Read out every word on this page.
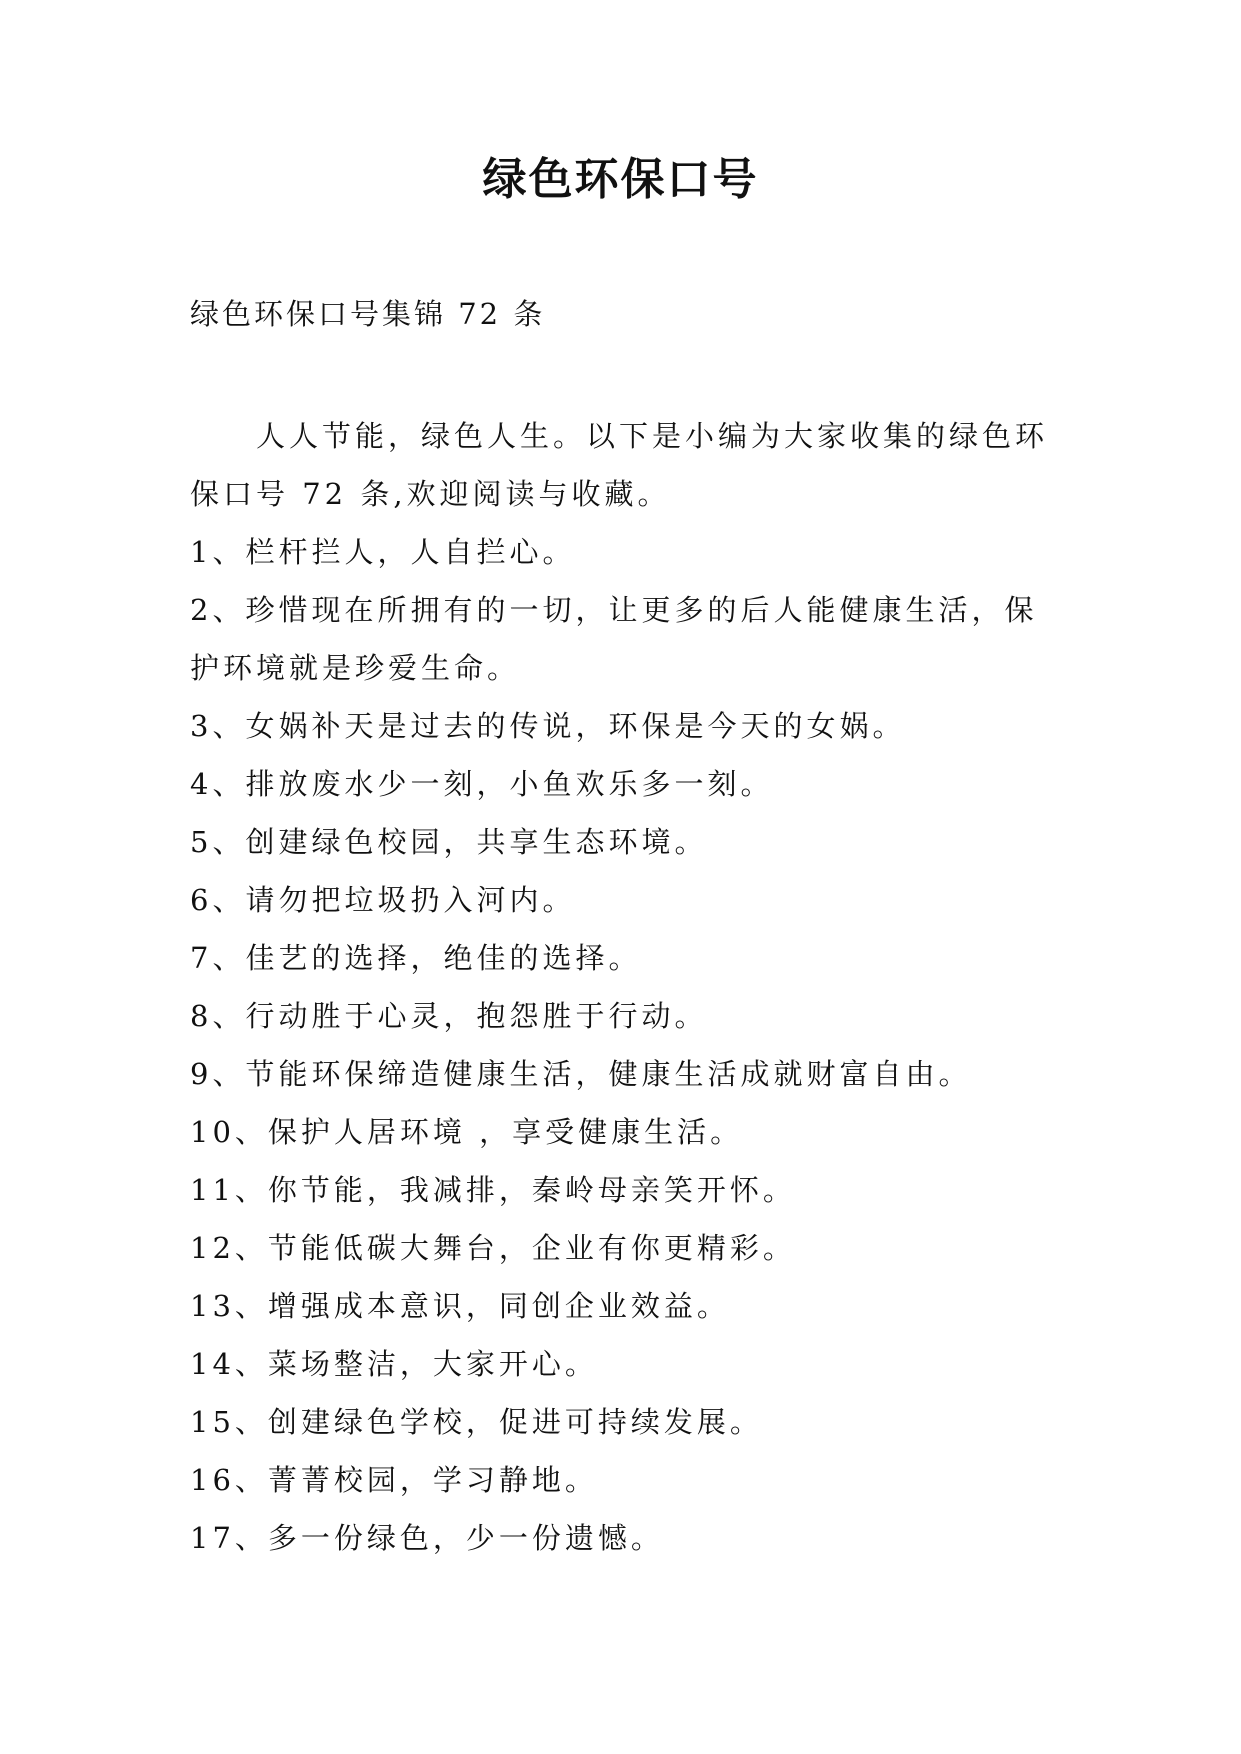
绿色环保口号
绿色环保口号集锦 72 条

人人节能，绿色人生。以下是小编为大家收集的绿色环保口号 72 条,欢迎阅读与收藏。

1、栏杆拦人，人自拦心。

2、珍惜现在所拥有的一切，让更多的后人能健康生活，保护环境就是珍爱生命。

3、女娲补天是过去的传说，环保是今天的女娲。

4、排放废水少一刻，小鱼欢乐多一刻。

5、创建绿色校园，共享生态环境。

6、请勿把垃圾扔入河内。

7、佳艺的选择，绝佳的选择。

8、行动胜于心灵，抱怨胜于行动。

9、节能环保缔造健康生活，健康生活成就财富自由。

10、保护人居环境 ，享受健康生活。

11、你节能，我减排，秦岭母亲笑开怀。

12、节能低碳大舞台，企业有你更精彩。

13、增强成本意识，同创企业效益。

14、菜场整洁，大家开心。

15、创建绿色学校，促进可持续发展。

16、菁菁校园，学习静地。

17、多一份绿色，少一份遗憾。
